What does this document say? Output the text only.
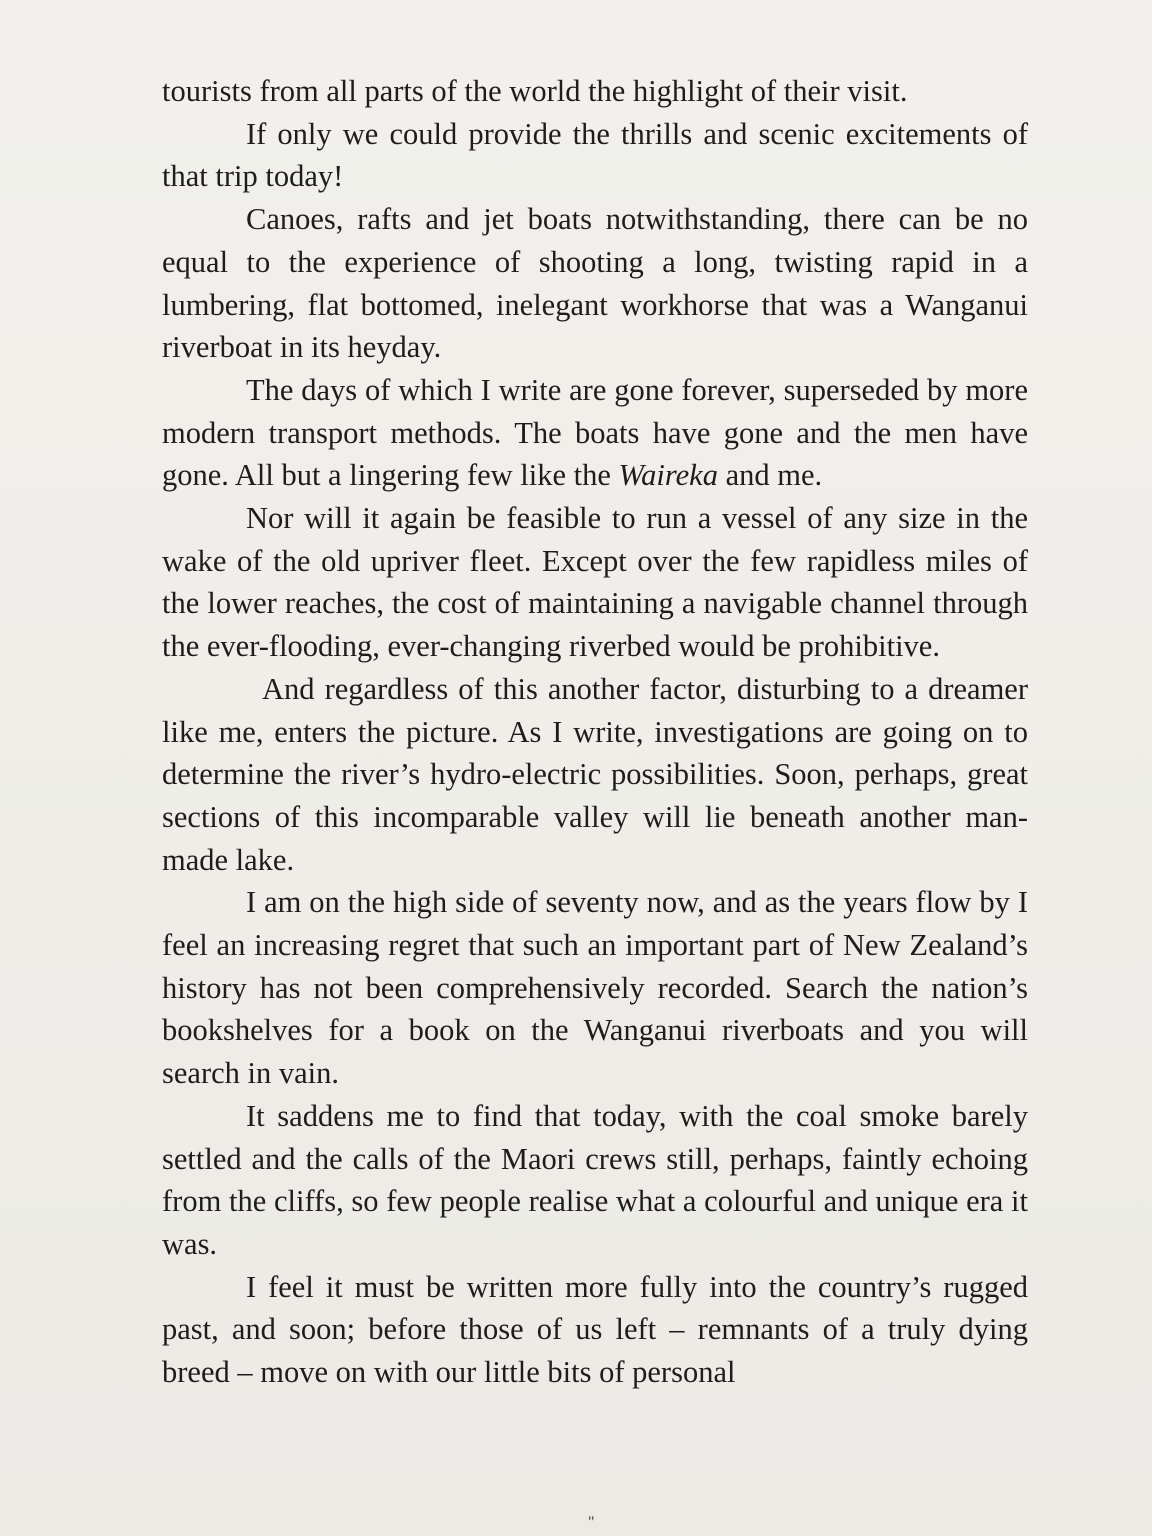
tourists from all parts of the world the highlight of their visit.

If only we could provide the thrills and scenic excitements of that trip today!

Canoes, rafts and jet boats notwithstanding, there can be no equal to the experience of shooting a long, twisting rapid in a lumbering, flat bottomed, inelegant workhorse that was a Wanganui riverboat in its heyday.

The days of which I write are gone forever, superseded by more modern transport methods. The boats have gone and the men have gone. All but a lingering few like the Waireka and me.

Nor will it again be feasible to run a vessel of any size in the wake of the old upriver fleet. Except over the few rapidless miles of the lower reaches, the cost of maintaining a navigable channel through the ever-flooding, ever-changing riverbed would be prohibitive.

And regardless of this another factor, disturbing to a dreamer like me, enters the picture. As I write, investigations are going on to determine the river’s hydro-electric possibilities. Soon, perhaps, great sections of this incomparable valley will lie beneath another man-made lake.

I am on the high side of seventy now, and as the years flow by I feel an increasing regret that such an important part of New Zealand’s history has not been comprehensively recorded. Search the nation’s bookshelves for a book on the Wanganui riverboats and you will search in vain.

It saddens me to find that today, with the coal smoke barely settled and the calls of the Maori crews still, perhaps, faintly echoing from the cliffs, so few people realise what a colourful and unique era it was.

I feel it must be written more fully into the country’s rugged past, and soon; before those of us left – remnants of a truly dying breed – move on with our little bits of personal

"
